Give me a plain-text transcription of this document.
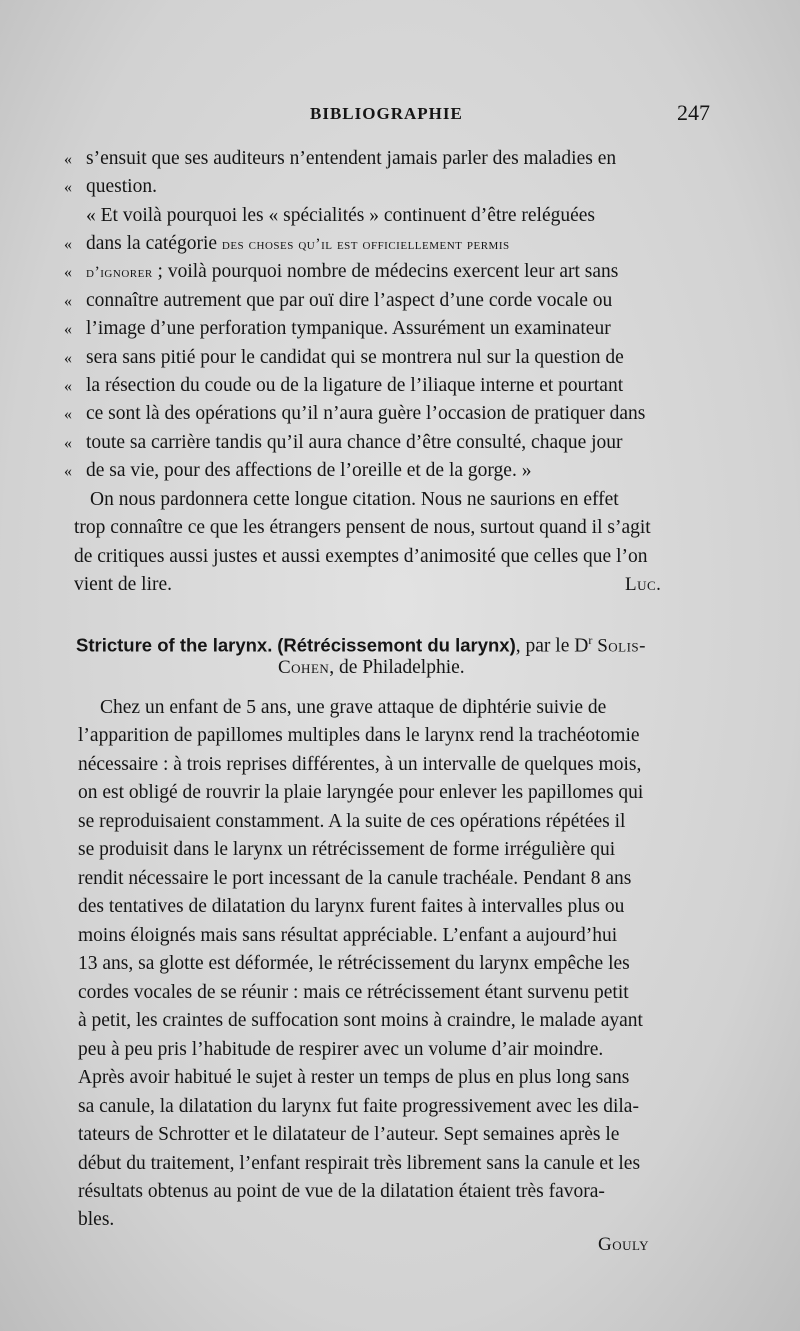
BIBLIOGRAPHIE	247
« s’ensuit que ses auditeurs n’entendent jamais parler des maladies en
« question.
« Et voilà pourquoi les « spécialités » continuent d’être reléguées
« dans la catégorie des choses qu’il est officiellement permis
« d’ignorer ; voilà pourquoi nombre de médecins exercent leur art sans
« connaître autrement que par ouï dire l’aspect d’une corde vocale ou
« l’image d’une perforation tympanique. Assurément un examinateur
« sera sans pitié pour le candidat qui se montrera nul sur la question de
« la résection du coude ou de la ligature de l’iliaque interne et pourtant
« ce sont là des opérations qu’il n’aura guère l’occasion de pratiquer dans
« toute sa carrière tandis qu’il aura chance d’être consulté, chaque jour
« de sa vie, pour des affections de l’oreille et de la gorge. »
On nous pardonnera cette longue citation. Nous ne saurions en effet
trop connaître ce que les étrangers pensent de nous, surtout quand il s’agit
de critiques aussi justes et aussi exemptes d’animosité que celles que l’on
vient de lire.	Luc.
Stricture of the larynx. (Rétrécissemont du larynx), par le $D^r$ Solis-
Cohen, de Philadelphie.
Chez un enfant de 5 ans, une grave attaque de diphtérie suivie de
l’apparition de papillomes multiples dans le larynx rend la trachéotomie
nécessaire : à trois reprises différentes, à un intervalle de quelques mois,
on est obligé de rouvrir la plaie laryngée pour enlever les papillomes qui
se reproduisaient constamment. A la suite de ces opérations répétées il
se produisit dans le larynx un rétrécissement de forme irrégulière qui
rendit nécessaire le port incessant de la canule trachéale. Pendant 8 ans
des tentatives de dilatation du larynx furent faites à intervalles plus ou
moins éloignés mais sans résultat appréciable. L’enfant a aujourd’hui
13 ans, sa glotte est déformée, le rétrécissement du larynx empêche les
cordes vocales de se réunir : mais ce rétrécissement étant survenu petit
à petit, les craintes de suffocation sont moins à craindre, le malade ayant
peu à peu pris l’habitude de respirer avec un volume d’air moindre.
Après avoir habitué le sujet à rester un temps de plus en plus long sans
sa canule, la dilatation du larynx fut faite progressivement avec les dila-
tateurs de Schrotter et le dilatateur de l’auteur. Sept semaines après le
début du traitement, l’enfant respirait très librement sans la canule et les
résultats obtenus au point de vue de la dilatation étaient très favora-
bles.
Gouly
